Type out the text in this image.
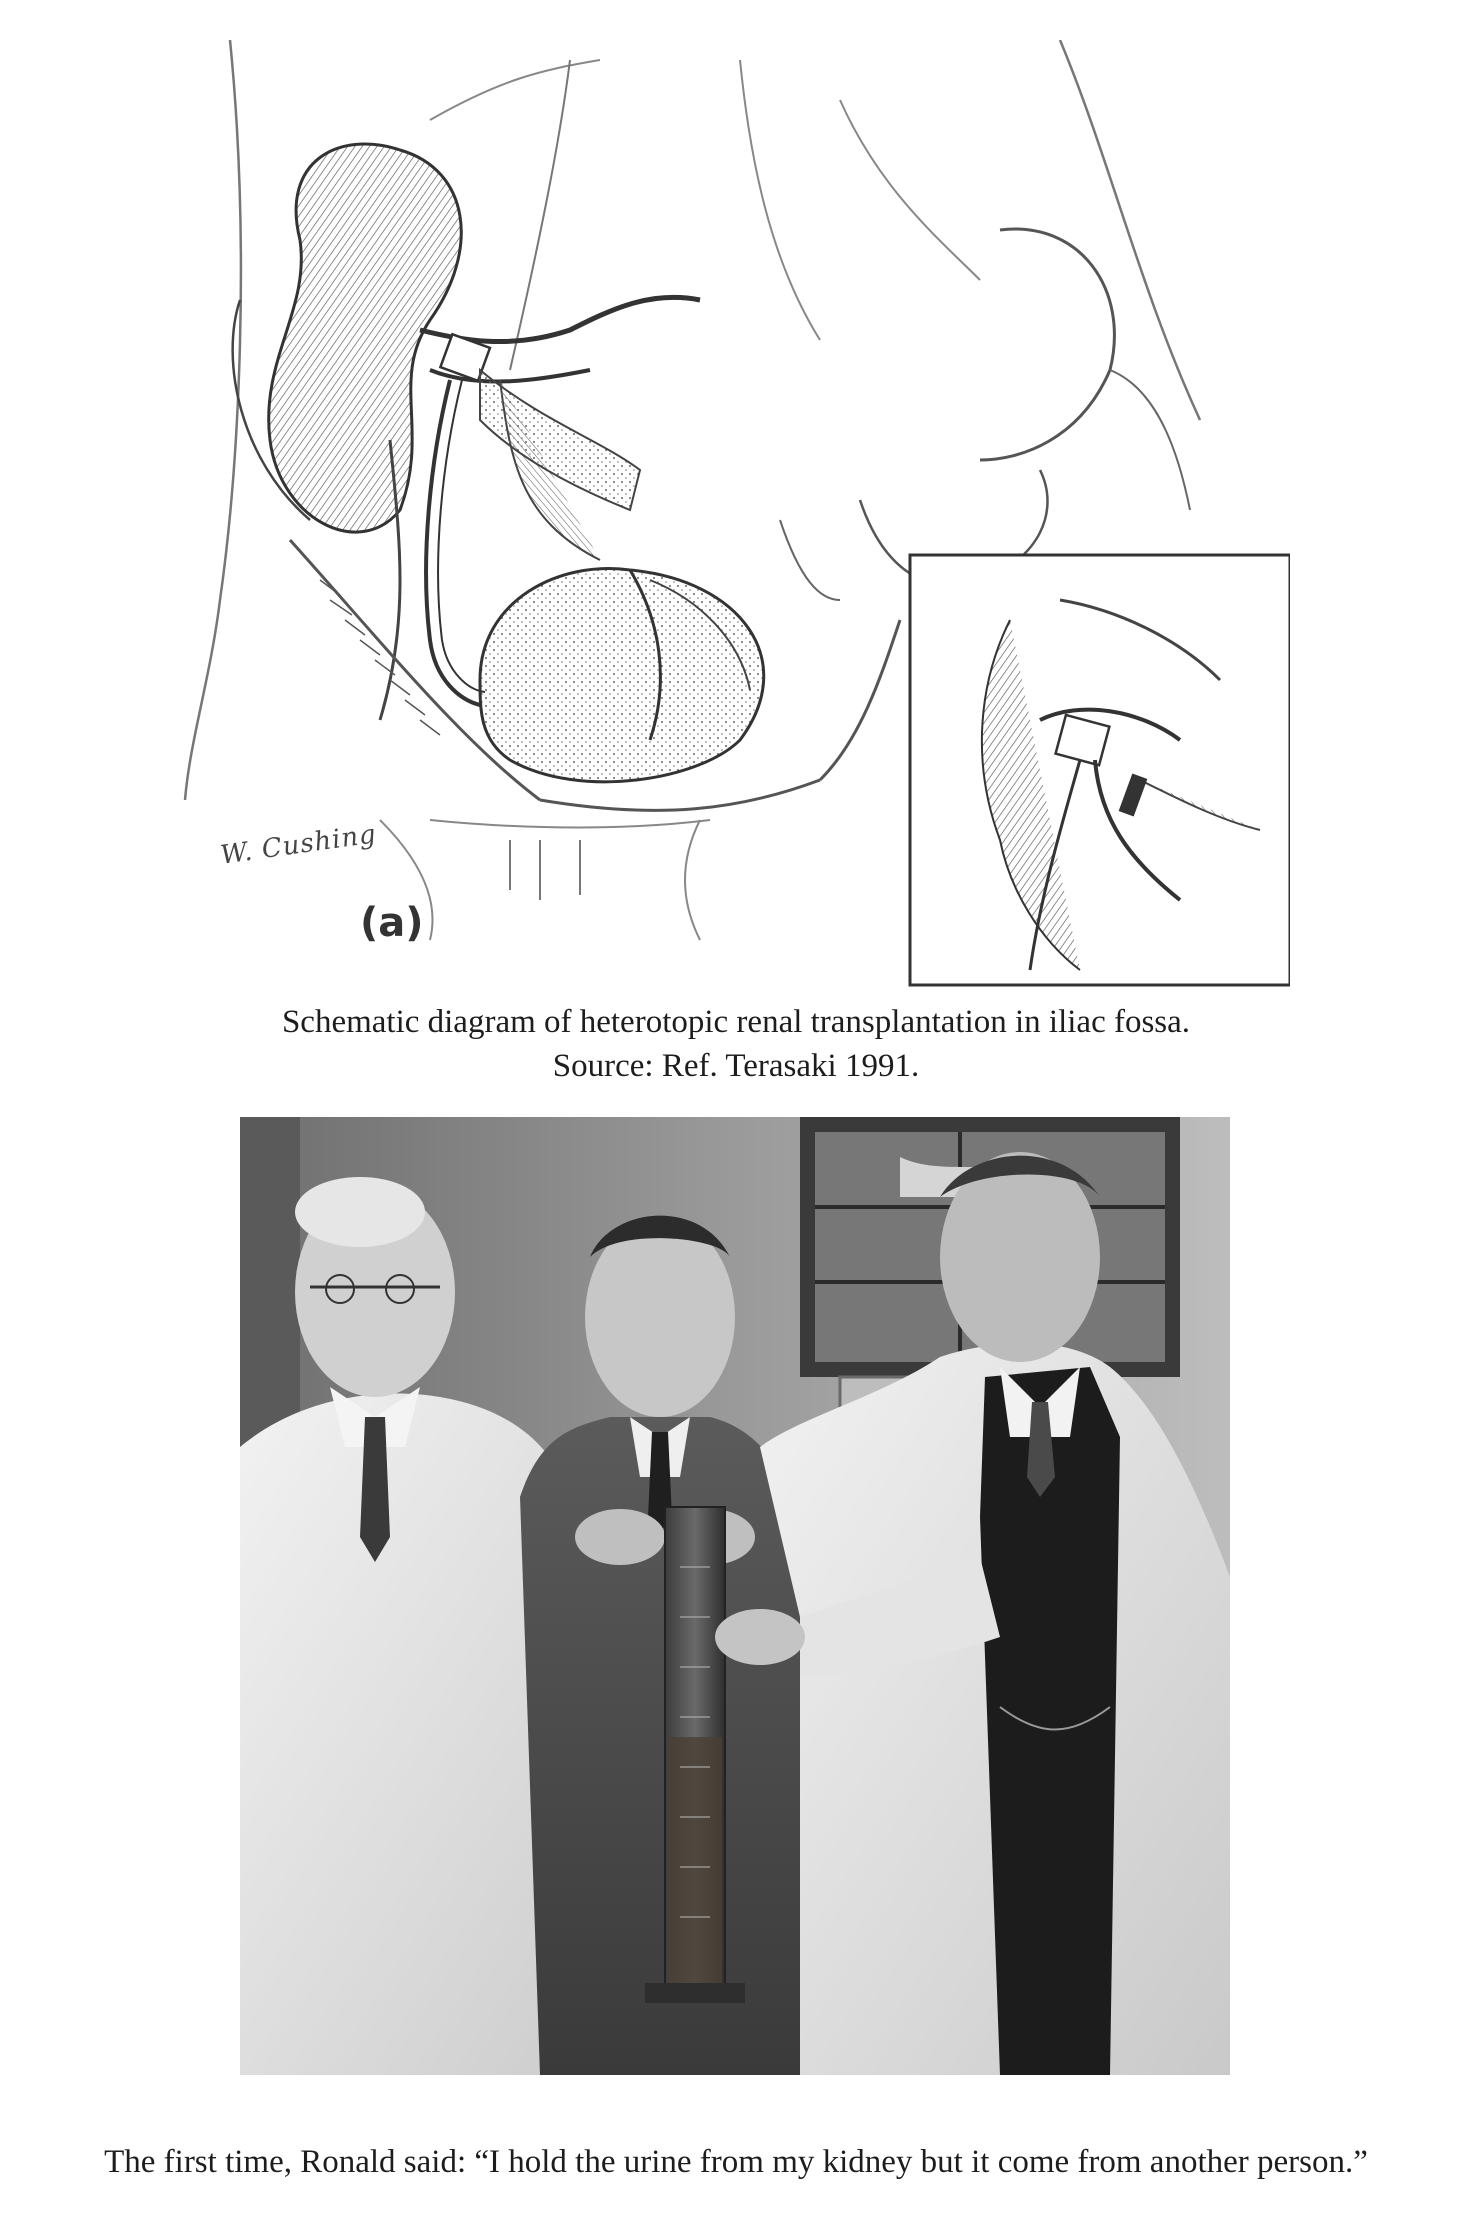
W. Cushing
(a)
Schematic diagram of heterotopic renal transplantation in iliac fossa.
Source: Ref. Terasaki 1991.
The first time, Ronald said: “I hold the urine from my kidney but it come from another person.”
